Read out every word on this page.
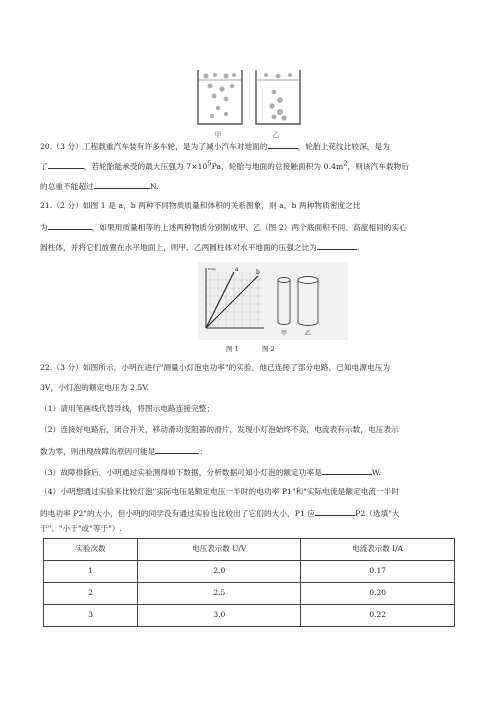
甲	乙

20.（3 分）工程载重汽车装有许多车轮，是为了减小汽车对地面的	，轮胎上花纹比较深，是为

了	，若轮胎能承受的最大压强为 $7\times 10^5Pa$，轮胎与地面的总接触面积为 $0.4m^2$，则该汽车载物后

的总重不能超过	N.

21.（2 分）如图 1 是 a，b 两种不同物质质量和体积的关系图象，则 a，b 两种物质密度之比

为	，如果用质量相等的上述两种物质分别制成甲、乙（图 2）两个底面积不同、高度相同的实心

圆柱体，并将它们放置在水平地面上，则甲、乙两圆柱体对水平地面的压强之比为	.

a	b
m/g
甲	乙
图 1	图 2

22.（3 分）如图所示，小明在进行"测量小灯泡电功率"的实验，他已连接了部分电路，已知电源电压为

3V，小灯泡的额定电压为 2.5V.

（1）请用笔画线代替导线，将图示电路连接完整；

（2）连接好电路后，闭合开关，移动滑动变阻器的滑片，发现小灯泡始终不亮，电流表有示数，电压表示

数为零，则出现故障的原因可能是	；

（3）故障排除后，小明通过实验测得如下数据，分析数据可知小灯泡的额定功率是	W.

（4）小明想通过实验来比较灯泡"实际电压是额定电压一半时的电功率 P1"和"实际电流是额定电流一半时

的电功率 P2"的大小，但小明的同学没有通过实验也比较出了它们的大小，P1 应	P2（选填"大

于"、"小于"或"等于"）.

实验次数	电压表示数 U/V	电流表示数 I/A
1	2.0	0.17
2	2.5	0.20
3	3.0	0.22
